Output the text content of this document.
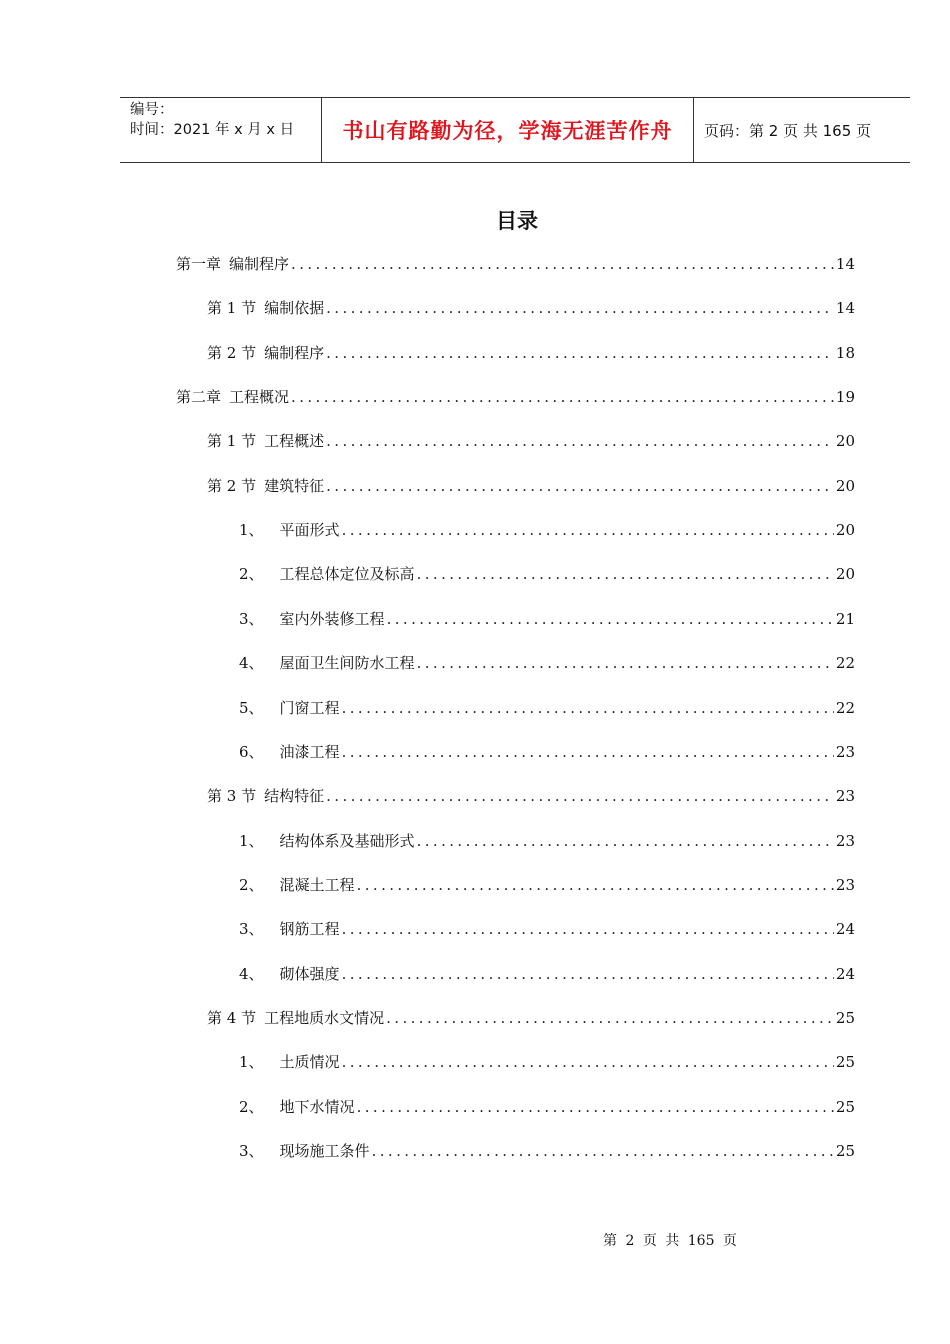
编号：
时间：2021 年 x 月 x 日	书山有路勤为径，学海无涯苦作舟 页码：第 2 页 共 165 页
目录
第一章 编制程序 .....	14
第 1 节 编制依据 .....	14
第 2 节 编制程序 .....	18
第二章 工程概况 .....	19
第 1 节 工程概述 .....	20
第 2 节 建筑特征 .....	20
1、 平面形式 .....	20
2、 工程总体定位及标高 .....	20
3、 室内外装修工程 .....	21
4、 屋面卫生间防水工程 .....	22
5、 门窗工程 .....	22
6、 油漆工程 .....	23
第 3 节 结构特征 .....	23
1、 结构体系及基础形式 .....	23
2、 混凝土工程 .....	23
3、 钢筋工程 .....	24
4、 砌体强度 .....	24
第 4 节 工程地质水文情况 .....	25
1、 土质情况 .....	25
2、 地下水情况 .....	25
3、 现场施工条件 .....	25
第 2 页 共 165 页
